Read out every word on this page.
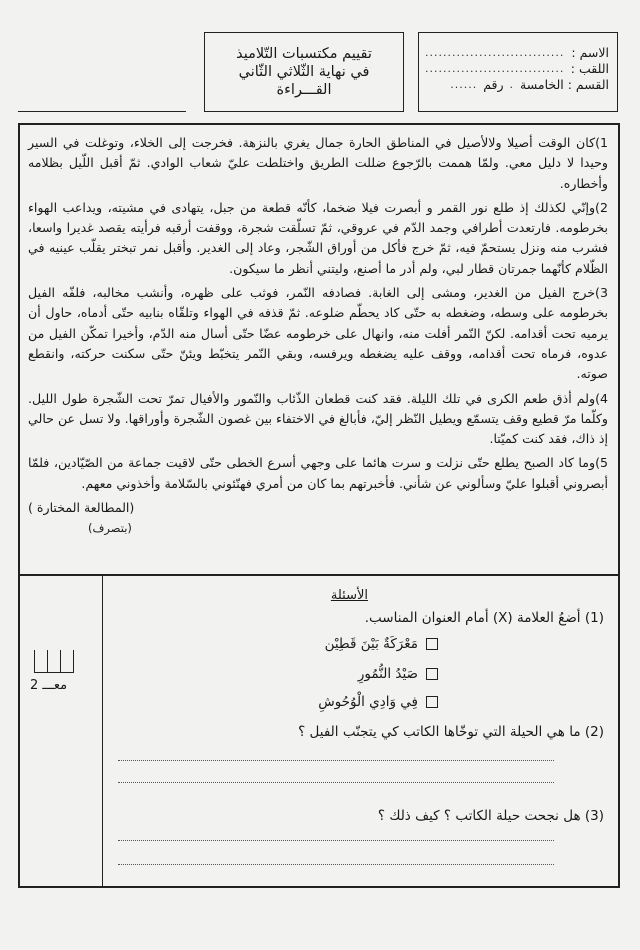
الاسم :
...............................
اللقب :
...............................
القسم : الخامسة
.
رقم
......
تقييم مكتسبات التّلاميذ
في نهاية الثّلاثي الثّاني
القـــراءة

1)كان الوقت أصيلا ولالأصيل في المناطق الحارة جمال يغري بالنزهة. فخرجت إلى الخلاء، وتوغلت في السير وحيدا لا دليل معي. ولمّا هممت بالرّجوع ضللت الطريق واختلطت عليّ شعاب الوادي. ثمّ أقبل اللّيل بظلامه وأخطاره.

2)وإنّي لكذلك إذ طلع نور القمر و أبصرت فيلا ضخما، كأنّه قطعة من جبل، يتهادى في مشيته، ويداعب الهواء بخرطومه. فارتعدت أطرافي وجمد الدّم في عروقي، ثمّ تسلّقت شجرة، ووقفت أرقبه فرأيته يقصد غديرا واسعا، فشرب منه ونزل يستحمّ فيه، ثمّ خرج فأكل من أوراق الشّجر، وعاد إلى الغدير. وأقبل نمر تبختر يقلّب عينيه في الظّلام كأنّهما جمرتان قطار لبي، ولم أدر ما أصنع، وليتني أنظر ما سيكون.

3)خرج الفيل من الغدير، ومشى إلى الغابة. فصادفه النّمر، فوثب على ظهره، وأنشب مخالبه، فلفّه الفيل بخرطومه على وسطه، وضغطه به حتّى كاد يحطّم ضلوعه. ثمّ قذفه في الهواء وتلقّاه بنابيه حتّى أدماه، حاول أن يرميه تحت أقدامه. لكنّ النّمر أفلت منه، وانهال على خرطومه عضّا حتّى أسال منه الدّم، وأخيرا تمكّن الفيل من عدوه، فرماه تحت أقدامه، ووقف عليه يضغطه ويرفسه، وبقي النّمر يتخبّط ويئنّ حتّى سكنت حركته، وانقطع صوته.

4)ولم أذق طعم الكرى في تلك الليلة. فقد كنت قطعان الذّئاب والنّمور والأفيال تمرّ تحت الشّجرة طول الليل. وكلّما مرّ قطيع وقف يتسمّع ويطيل النّظر إليّ، فأبالغ في الاختفاء بين غصون الشّجرة وأوراقها. ولا تسل عن حالي إذ ذاك، فقد كنت كميّتا.

5)وما كاد الصبح يطلع حتّى نزلت و سرت هائما على وجهي أسرع الخطى حتّى لاقيت جماعة من الصّيّادين، فلمّا أبصروني أقبلوا عليّ وسألوني عن شأني. فأخبرتهم بما كان من أمري فهنّئوني بالسّلامة وأخذوني معهم.

(المطالعة المختارة )
(بتصرف)
معـــ 2
الأسئلة
(1) أضعُ العلامة (X) أمام العنوان المناسب.
مَعْرَكَةٌ بَيْنَ قَطِيْن
صَيْدُ النُّمُورِ
فِي وَادِي الْوُحُوشِ
(2) ما هي الحيلة التي توخّاها الكاتب كي يتجنّب الفيل ؟
(3) هل نجحت حيلة الكاتب ؟ كيف ذلك ؟
